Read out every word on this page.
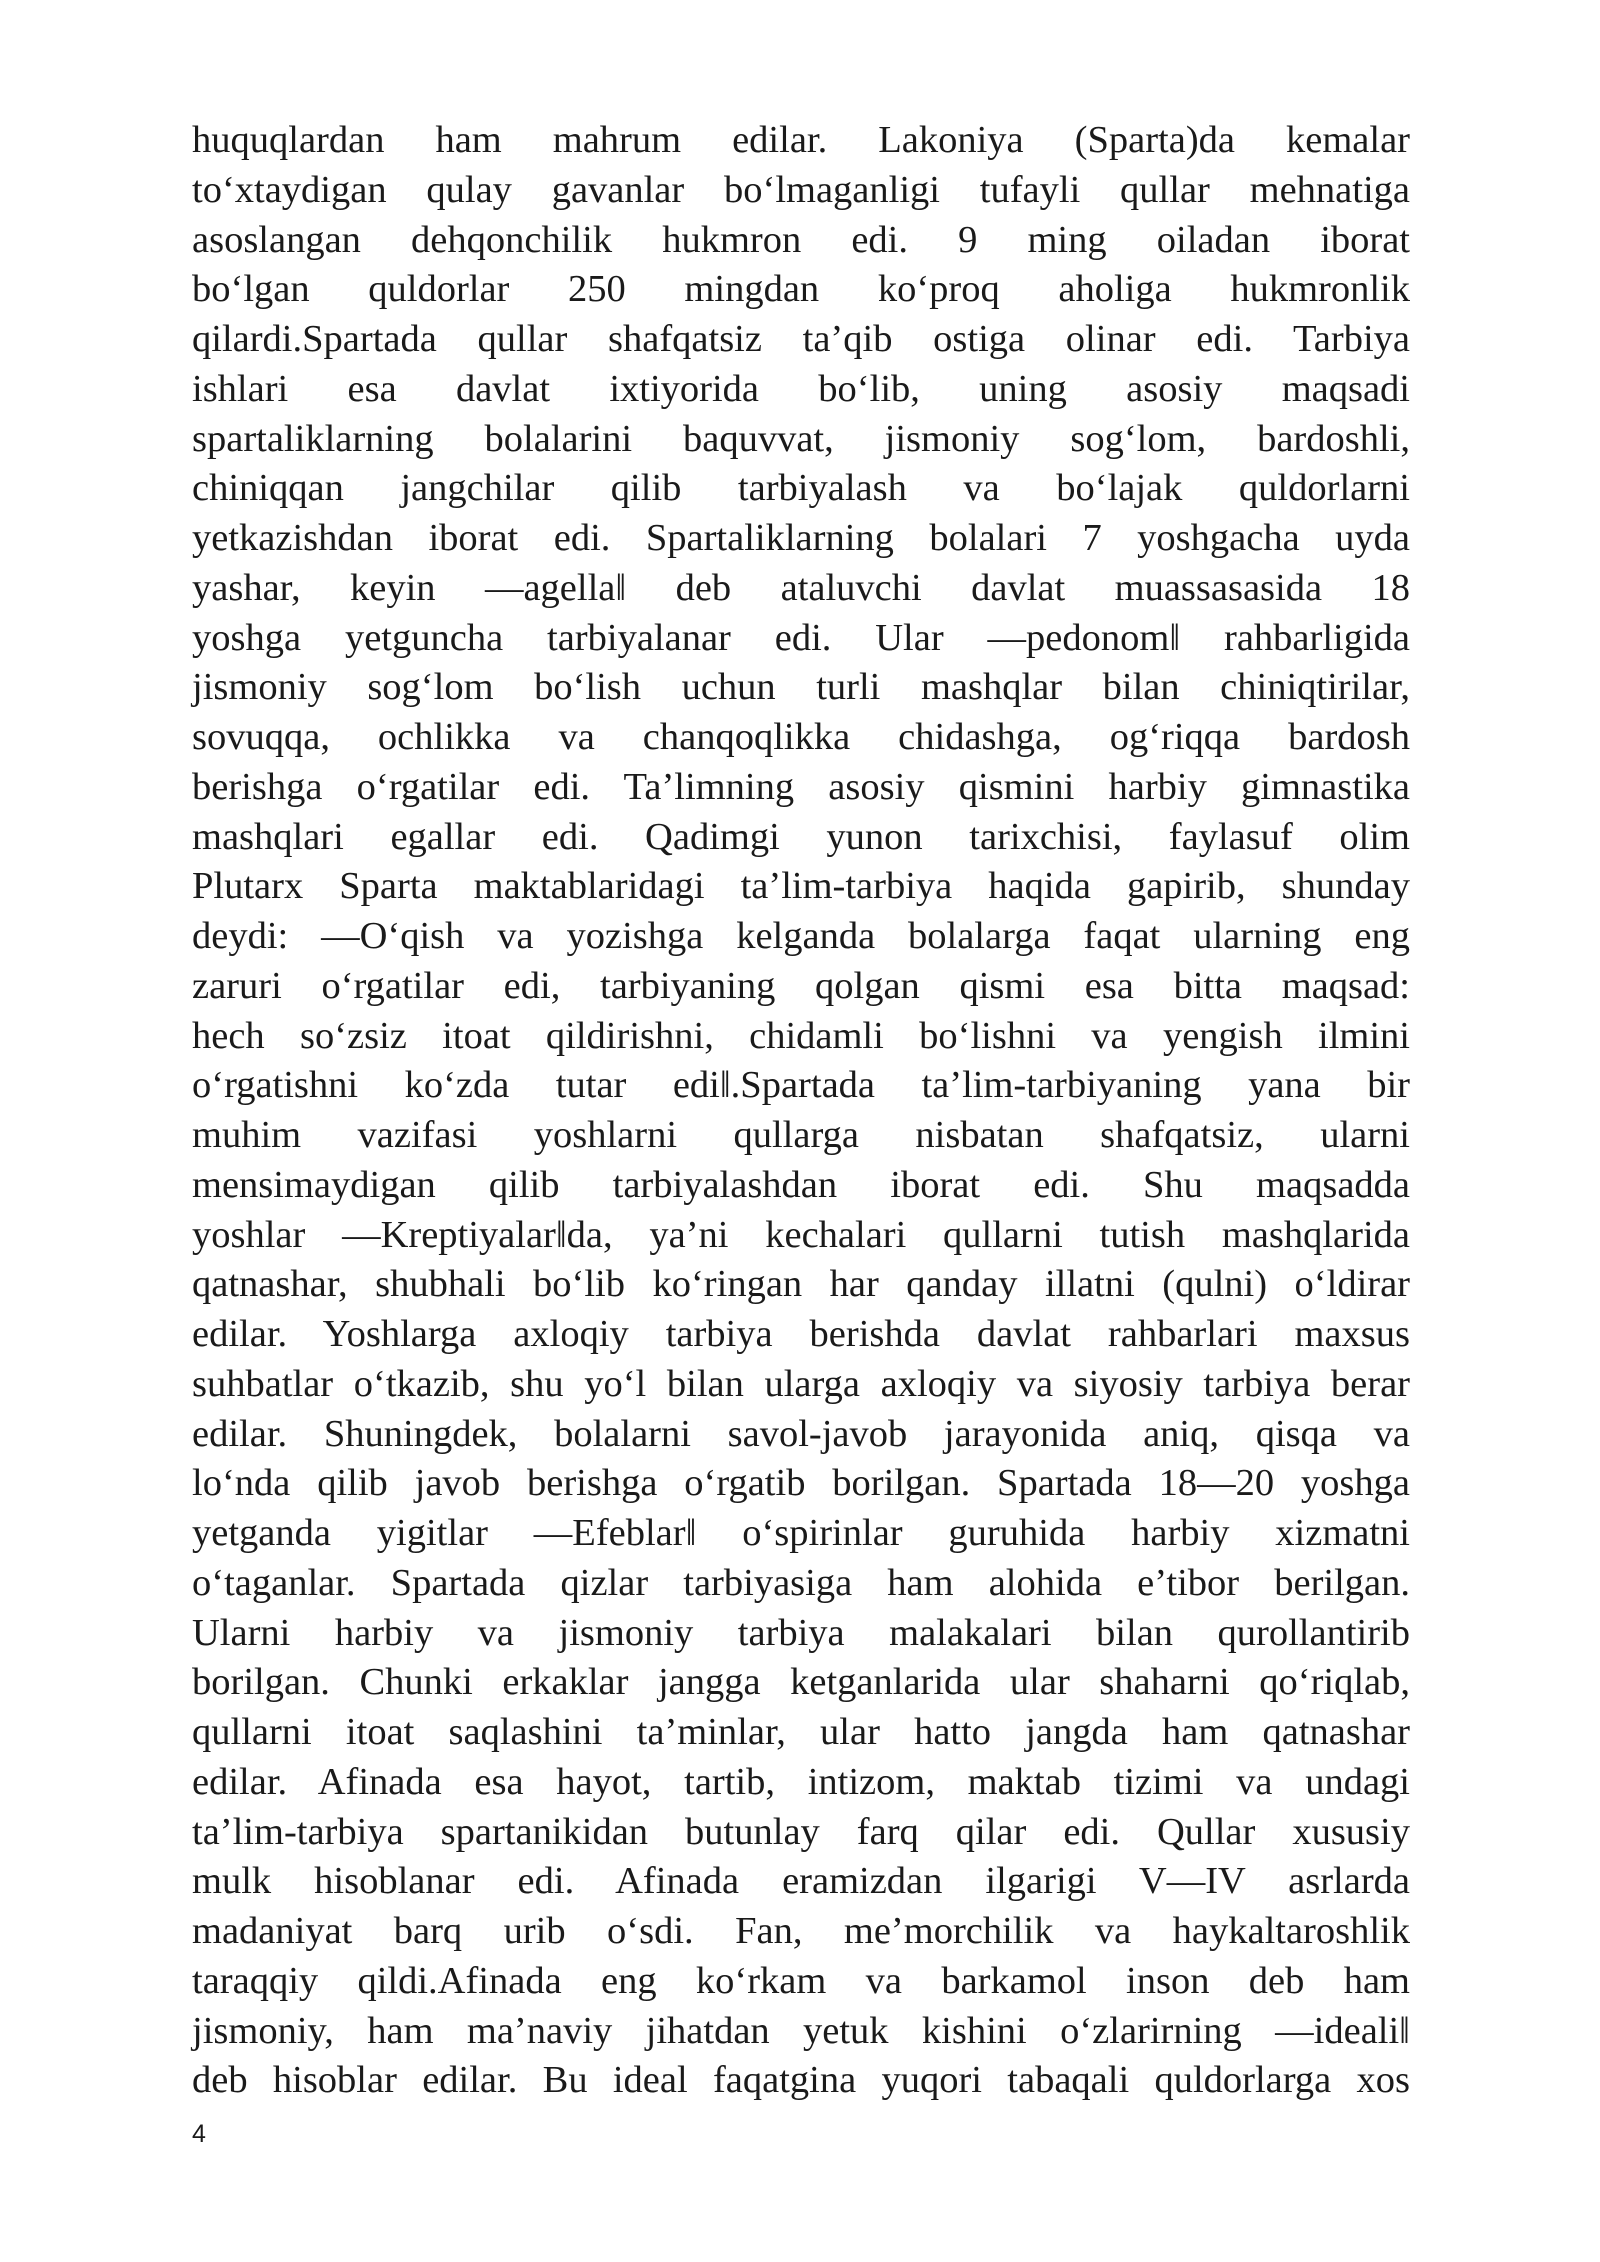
huquqlardan ham mahrum edilar. Lakoniya (Sparta)da kemalar
to‘xtaydigan qulay gavanlar bo‘lmaganligi tufayli qullar mehnatiga
asoslangan dehqonchilik hukmron edi. 9 ming oiladan iborat
bo‘lgan quldorlar 250 mingdan ko‘proq aholiga hukmronlik
qilardi.Spartada qullar shafqatsiz ta’qib ostiga olinar edi. Tarbiya
ishlari esa davlat ixtiyorida bo‘lib, uning asosiy maqsadi
spartaliklarning bolalarini baquvvat, jismoniy sog‘lom, bardoshli,
chiniqqan jangchilar qilib tarbiyalash va bo‘lajak quldorlarni
yetkazishdan iborat edi. Spartaliklarning bolalari 7 yoshgacha uyda
yashar, keyin ―agella‖ deb ataluvchi davlat muassasasida 18
yoshga yetguncha tarbiyalanar edi. Ular ―pedonom‖ rahbarligida
jismoniy sog‘lom bo‘lish uchun turli mashqlar bilan chiniqtirilar,
sovuqqa, ochlikka va chanqoqlikka chidashga, og‘riqqa bardosh
berishga o‘rgatilar edi. Ta’limning asosiy qismini harbiy gimnastika
mashqlari egallar edi. Qadimgi yunon tarixchisi, faylasuf olim
Plutarx Sparta maktablaridagi ta’lim-tarbiya haqida gapirib, shunday
deydi: ―O‘qish va yozishga kelganda bolalarga faqat ularning eng
zaruri o‘rgatilar edi, tarbiyaning qolgan qismi esa bitta maqsad:
hech so‘zsiz itoat qildirishni, chidamli bo‘lishni va yengish ilmini
o‘rgatishni ko‘zda tutar edi‖.Spartada ta’lim-tarbiyaning yana bir
muhim vazifasi yoshlarni qullarga nisbatan shafqatsiz, ularni
mensimaydigan qilib tarbiyalashdan iborat edi. Shu maqsadda
yoshlar ―Kreptiyalar‖da, ya’ni kechalari qullarni tutish mashqlarida
qatnashar, shubhali bo‘lib ko‘ringan har qanday illatni (qulni) o‘ldirar
edilar. Yoshlarga axloqiy tarbiya berishda davlat rahbarlari maxsus
suhbatlar o‘tkazib, shu yo‘l bilan ularga axloqiy va siyosiy tarbiya berar
edilar. Shuningdek, bolalarni savol-javob jarayonida aniq, qisqa va
lo‘nda qilib javob berishga o‘rgatib borilgan. Spartada 18―20 yoshga
yetganda yigitlar ―Efeblar‖ o‘spirinlar guruhida harbiy xizmatni
o‘taganlar. Spartada qizlar tarbiyasiga ham alohida e’tibor berilgan.
Ularni harbiy va jismoniy tarbiya malakalari bilan qurollantirib
borilgan. Chunki erkaklar jangga ketganlarida ular shaharni qo‘riqlab,
qullarni itoat saqlashini ta’minlar, ular hatto jangda ham qatnashar
edilar. Afinada esa hayot, tartib, intizom, maktab tizimi va undagi
ta’lim-tarbiya spartanikidan butunlay farq qilar edi. Qullar xususiy
mulk hisoblanar edi. Afinada eramizdan ilgarigi V―IV asrlarda
madaniyat barq urib o‘sdi. Fan, me’morchilik va haykaltaroshlik
taraqqiy qildi.Afinada eng ko‘rkam va barkamol inson deb ham
jismoniy, ham ma’naviy jihatdan yetuk kishini o‘zlarirning ―ideali‖
deb hisoblar edilar. Bu ideal faqatgina yuqori tabaqali quldorlarga xos
4
